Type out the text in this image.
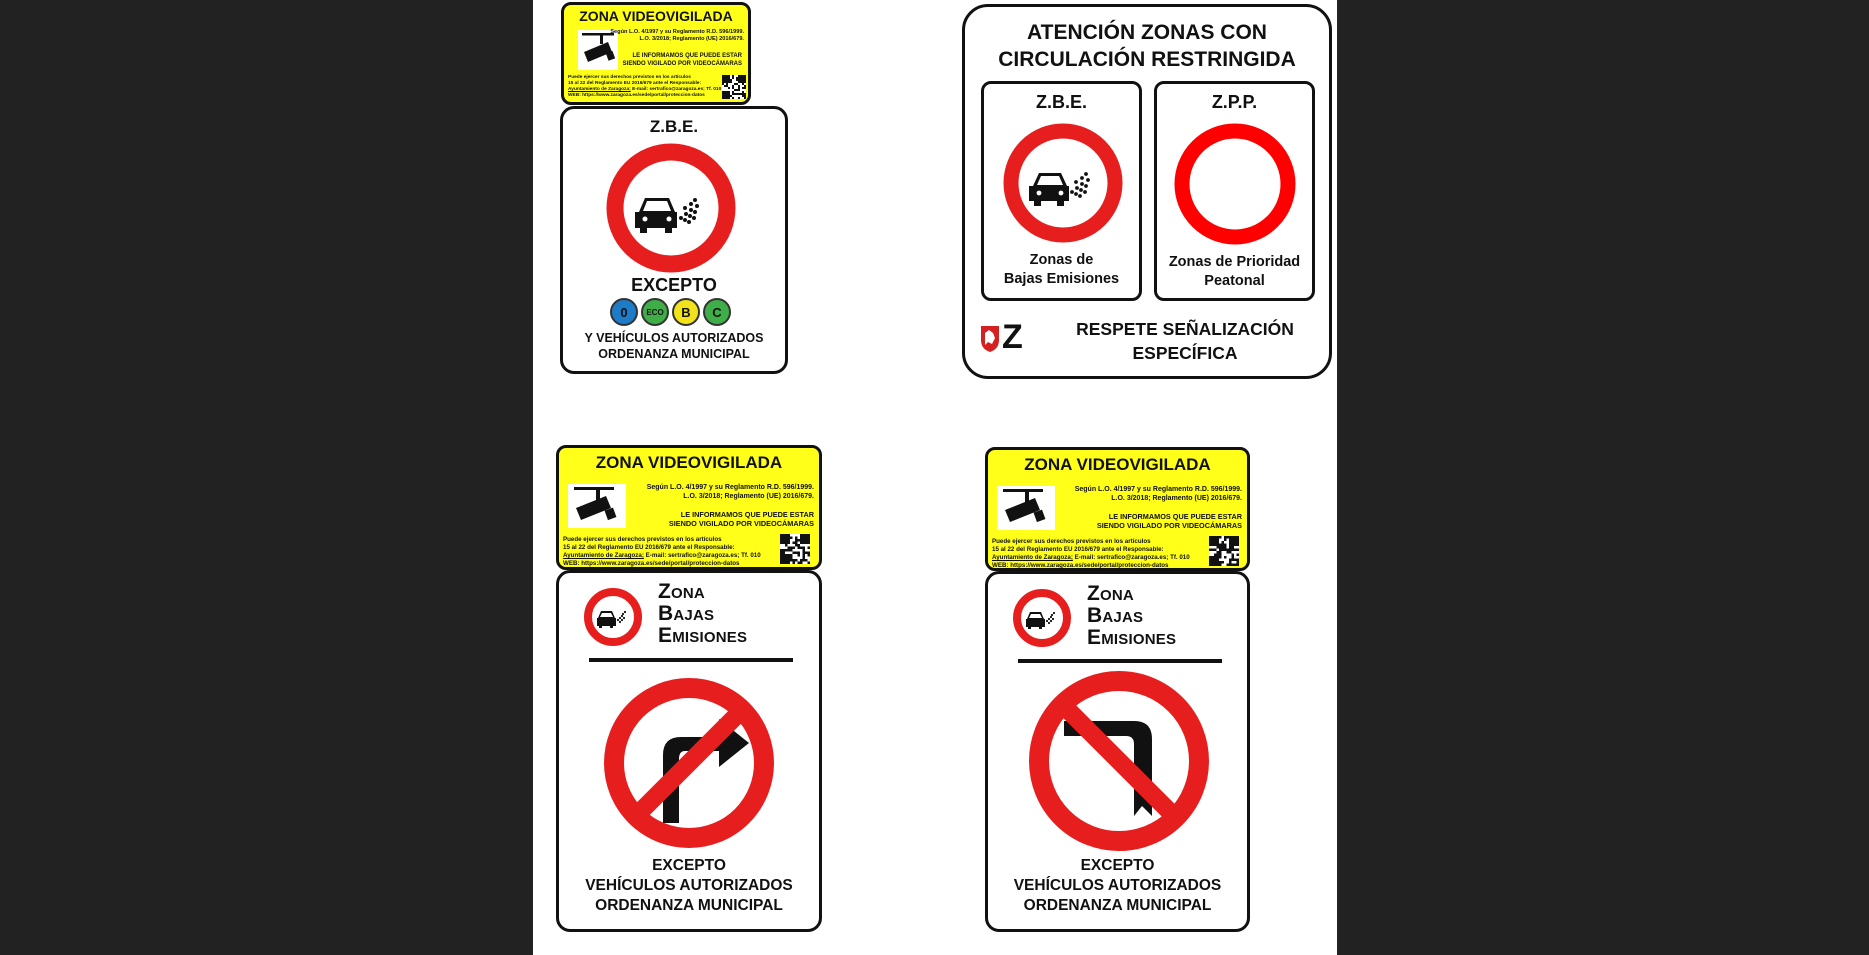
ZONA VIDEOVIGILADA
Según L.O. 4/1997 y su Reglamento R.D. 596/1999.
L.O. 3/2018; Reglamento (UE) 2016/679.
LE INFORMAMOS QUE PUEDE ESTAR
SIENDO VIGILADO POR VIDEOCÁMARAS
Puede ejercer sus derechos previstos en los artículos
15 al 22 del Reglamento EU 2016/679 ante el Responsable:
Ayuntamiento de Zaragoza; E-mail: sertrafico@zaragoza.es; Tf. 010
WEB: https://www.zaragoza.es/sede/portal/proteccion-datos
Z.B.E.
EXCEPTO
0	ECO	B	C
Y VEHÍCULOS AUTORIZADOS
ORDENANZA MUNICIPAL
ATENCIÓN ZONAS CON
CIRCULACIÓN RESTRINGIDA
Z.B.E.
Zonas de
Bajas Emisiones
Z.P.P.
Zonas de Prioridad
Peatonal
Z	RESPETE SEÑALIZACIÓN
ESPECÍFICA
ZONA VIDEOVIGILADA
Según L.O. 4/1997 y su Reglamento R.D. 596/1999.
L.O. 3/2018; Reglamento (UE) 2016/679.
LE INFORMAMOS QUE PUEDE ESTAR
SIENDO VIGILADO POR VIDEOCÁMARAS
Puede ejercer sus derechos previstos en los artículos
15 al 22 del Reglamento EU 2016/679 ante el Responsable:
Ayuntamiento de Zaragoza; E-mail: sertrafico@zaragoza.es; Tf. 010
WEB: https://www.zaragoza.es/sede/portal/proteccion-datos
Zona
Bajas
Emisiones
EXCEPTO
VEHÍCULOS AUTORIZADOS
ORDENANZA MUNICIPAL
ZONA VIDEOVIGILADA
Según L.O. 4/1997 y su Reglamento R.D. 596/1999.
L.O. 3/2018; Reglamento (UE) 2016/679.
LE INFORMAMOS QUE PUEDE ESTAR
SIENDO VIGILADO POR VIDEOCÁMARAS
Puede ejercer sus derechos previstos en los artículos
15 al 22 del Reglamento EU 2016/679 ante el Responsable:
Ayuntamiento de Zaragoza; E-mail: sertrafico@zaragoza.es; Tf. 010
WEB: https://www.zaragoza.es/sede/portal/proteccion-datos
Zona
Bajas
Emisiones
EXCEPTO
VEHÍCULOS AUTORIZADOS
ORDENANZA MUNICIPAL
